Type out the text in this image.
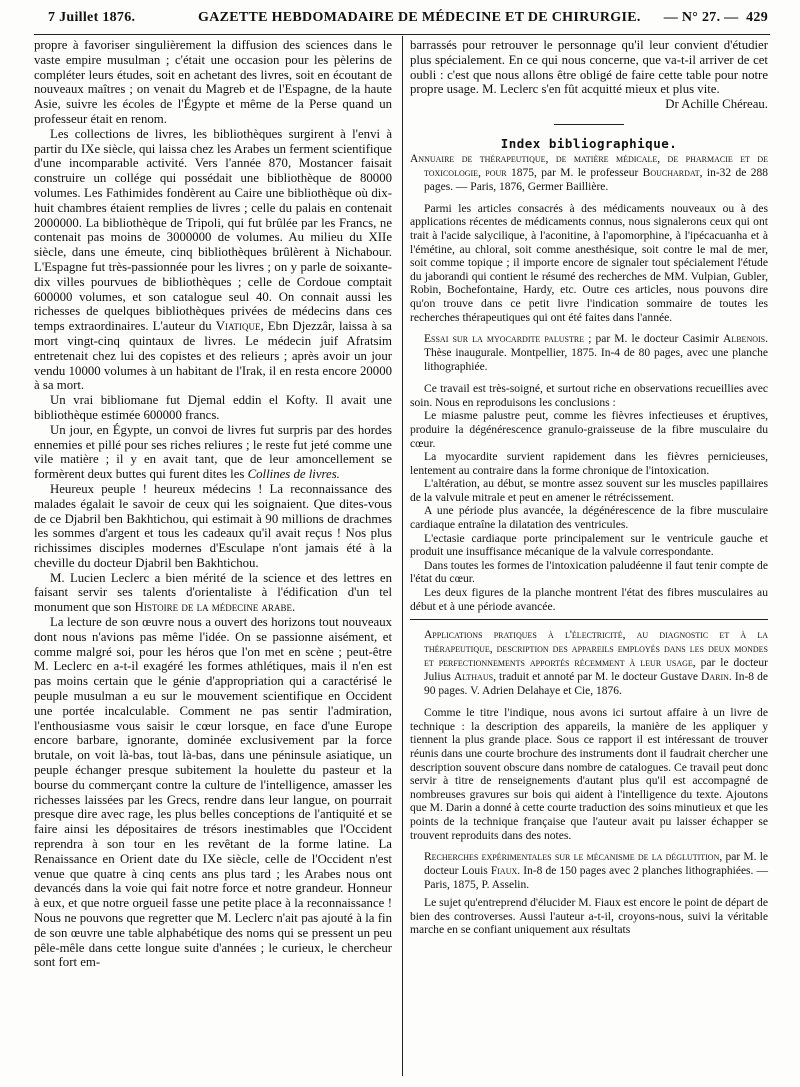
7 Juillet 1876.	GAZETTE HEBDOMADAIRE DE MÉDECINE ET DE CHIRURGIE. — N° 27. — 429

propre à favoriser singulièrement la diffusion des sciences dans le vaste empire musulman ; c'était une occasion pour les pèlerins de compléter leurs études, soit en achetant des livres, soit en écoutant de nouveaux maîtres ; on venait du Magreb et de l'Espagne, de la haute Asie, suivre les écoles de l'Égypte et même de la Perse quand un professeur était en renom.

Les collections de livres, les bibliothèques surgirent à l'envi à partir du IXe siècle, qui laissa chez les Arabes un ferment scientifique d'une incomparable activité. Vers l'année 870, Mostancer faisait construire un collége qui possédait une bibliothèque de 80000 volumes. Les Fathimides fondèrent au Caire une bibliothèque où dix-huit chambres étaient remplies de livres ; celle du palais en contenait 2000000. La bibliothèque de Tripoli, qui fut brûlée par les Francs, ne contenait pas moins de 3000000 de volumes. Au milieu du XIIe siècle, dans une émeute, cinq bibliothèques brûlèrent à Nichabour. L'Espagne fut très-passionnée pour les livres ; on y parle de soixante-dix villes pourvues de bibliothèques ; celle de Cordoue comptait 600000 volumes, et son catalogue seul 40. On connait aussi les richesses de quelques bibliothèques privées de médecins dans ces temps extraordinaires. L'auteur du Viatique, Ebn Djezzâr, laissa à sa mort vingt-cinq quintaux de livres. Le médecin juif Afratsim entretenait chez lui des copistes et des relieurs ; après avoir un jour vendu 10000 volumes à un habitant de l'Irak, il en resta encore 20000 à sa mort.

Un vrai bibliomane fut Djemal eddin el Kofty. Il avait une bibliothèque estimée 600000 francs.

Un jour, en Égypte, un convoi de livres fut surpris par des hordes ennemies et pillé pour ses riches reliures ; le reste fut jeté comme une vile matière ; il y en avait tant, que de leur amoncellement se formèrent deux buttes qui furent dites les Collines de livres.

Heureux peuple ! heureux médecins ! La reconnaissance des malades égalait le savoir de ceux qui les soignaient. Que dites-vous de ce Djabril ben Bakhtichou, qui estimait à 90 millions de drachmes les sommes d'argent et tous les cadeaux qu'il avait reçus ! Nos plus richissimes disciples modernes d'Esculape n'ont jamais été à la cheville du docteur Djabril ben Bakhtichou.

M. Lucien Leclerc a bien mérité de la science et des lettres en faisant servir ses talents d'orientaliste à l'édification d'un tel monument que son Histoire de la médecine arabe.

La lecture de son œuvre nous a ouvert des horizons tout nouveaux dont nous n'avions pas même l'idée. On se passionne aisément, et comme malgré soi, pour les héros que l'on met en scène ; peut-être M. Leclerc en a-t-il exagéré les formes athlétiques, mais il n'en est pas moins certain que le génie d'appropriation qui a caractérisé le peuple musulman a eu sur le mouvement scientifique en Occident une portée incalculable. Comment ne pas sentir l'admiration, l'enthousiasme vous saisir le cœur lorsque, en face d'une Europe encore barbare, ignorante, dominée exclusivement par la force brutale, on voit là-bas, tout là-bas, dans une péninsule asiatique, un peuple échanger presque subitement la houlette du pasteur et la bourse du commerçant contre la culture de l'intelligence, amasser les richesses laissées par les Grecs, rendre dans leur langue, on pourrait presque dire avec rage, les plus belles conceptions de l'antiquité et se faire ainsi les dépositaires de trésors inestimables que l'Occident reprendra à son tour en les revêtant de la forme latine. La Renaissance en Orient date du IXe siècle, celle de l'Occident n'est venue que quatre à cinq cents ans plus tard ; les Arabes nous ont devancés dans la voie qui fait notre force et notre grandeur. Honneur à eux, et que notre orgueil fasse une petite place à la reconnaissance ! Nous ne pouvons que regretter que M. Leclerc n'ait pas ajouté à la fin de son œuvre une table alphabétique des noms qui se pressent un peu pêle-mêle dans cette longue suite d'années ; le curieux, le chercheur sont fort em-

barrassés pour retrouver le personnage qu'il leur convient d'étudier plus spécialement. En ce qui nous concerne, que va-t-il arriver de cet oubli : c'est que nous allons être obligé de faire cette table pour notre propre usage. M. Leclerc s'en fût acquitté mieux et plus vite.

Dr Achille Chéreau.

Index bibliographique.

Annuaire de thérapeutique, de matière médicale, de pharmacie et de toxicologie, pour 1875, par M. le professeur Bouchardat, in-32 de 288 pages. — Paris, 1876, Germer Baillière.

Parmi les articles consacrés à des médicaments nouveaux ou à des applications récentes de médicaments connus, nous signalerons ceux qui ont trait à l'acide salycilique, à l'aconitine, à l'apomorphine, à l'ipécacuanha et à l'émétine, au chloral, soit comme anesthésique, soit contre le mal de mer, soit comme topique ; il importe encore de signaler tout spécialement l'étude du jaborandi qui contient le résumé des recherches de MM. Vulpian, Gubler, Robin, Bochefontaine, Hardy, etc. Outre ces articles, nous pouvons dire qu'on trouve dans ce petit livre l'indication sommaire de toutes les recherches thérapeutiques qui ont été faites dans l'année.

Essai sur la myocardite palustre ; par M. le docteur Casimir Albenois. Thèse inaugurale. Montpellier, 1875. In-4 de 80 pages, avec une planche lithographiée.

Ce travail est très-soigné, et surtout riche en observations recueillies avec soin. Nous en reproduisons les conclusions :

Le miasme palustre peut, comme les fièvres infectieuses et éruptives, produire la dégénérescence granulo-graisseuse de la fibre musculaire du cœur.

La myocardite survient rapidement dans les fièvres pernicieuses, lentement au contraire dans la forme chronique de l'intoxication.

L'altération, au début, se montre assez souvent sur les muscles papillaires de la valvule mitrale et peut en amener le rétrécissement.

A une période plus avancée, la dégénérescence de la fibre musculaire cardiaque entraîne la dilatation des ventricules.

L'ectasie cardiaque porte principalement sur le ventricule gauche et produit une insuffisance mécanique de la valvule correspondante.

Dans toutes les formes de l'intoxication paludéenne il faut tenir compte de l'état du cœur.

Les deux figures de la planche montrent l'état des fibres musculaires au début et à une période avancée.

Applications pratiques à l'électricité, au diagnostic et à la thérapeutique, description des appareils employés dans les deux mondes et perfectionnements apportés récemment à leur usage, par le docteur Julius Althaus, traduit et annoté par M. le docteur Gustave Darin. In-8 de 90 pages. V. Adrien Delahaye et Cie, 1876.

Comme le titre l'indique, nous avons ici surtout affaire à un livre de technique : la description des appareils, la manière de les appliquer y tiennent la plus grande place. Sous ce rapport il est intéressant de trouver réunis dans une courte brochure des instruments dont il faudrait chercher une description souvent obscure dans nombre de catalogues. Ce travail peut donc servir à titre de renseignements d'autant plus qu'il est accompagné de nombreuses gravures sur bois qui aident à l'intelligence du texte. Ajoutons que M. Darin a donné à cette courte traduction des soins minutieux et que les points de la technique française que l'auteur avait pu laisser échapper se trouvent reproduits dans des notes.

Recherches expérimentales sur le mécanisme de la déglutition, par M. le docteur Louis Fiaux. In-8 de 150 pages avec 2 planches lithographiées. — Paris, 1875, P. Asselin.

Le sujet qu'entreprend d'élucider M. Fiaux est encore le point de départ de bien des controverses. Aussi l'auteur a-t-il, croyons-nous, suivi la véritable marche en se confiant uniquement aux résultats
